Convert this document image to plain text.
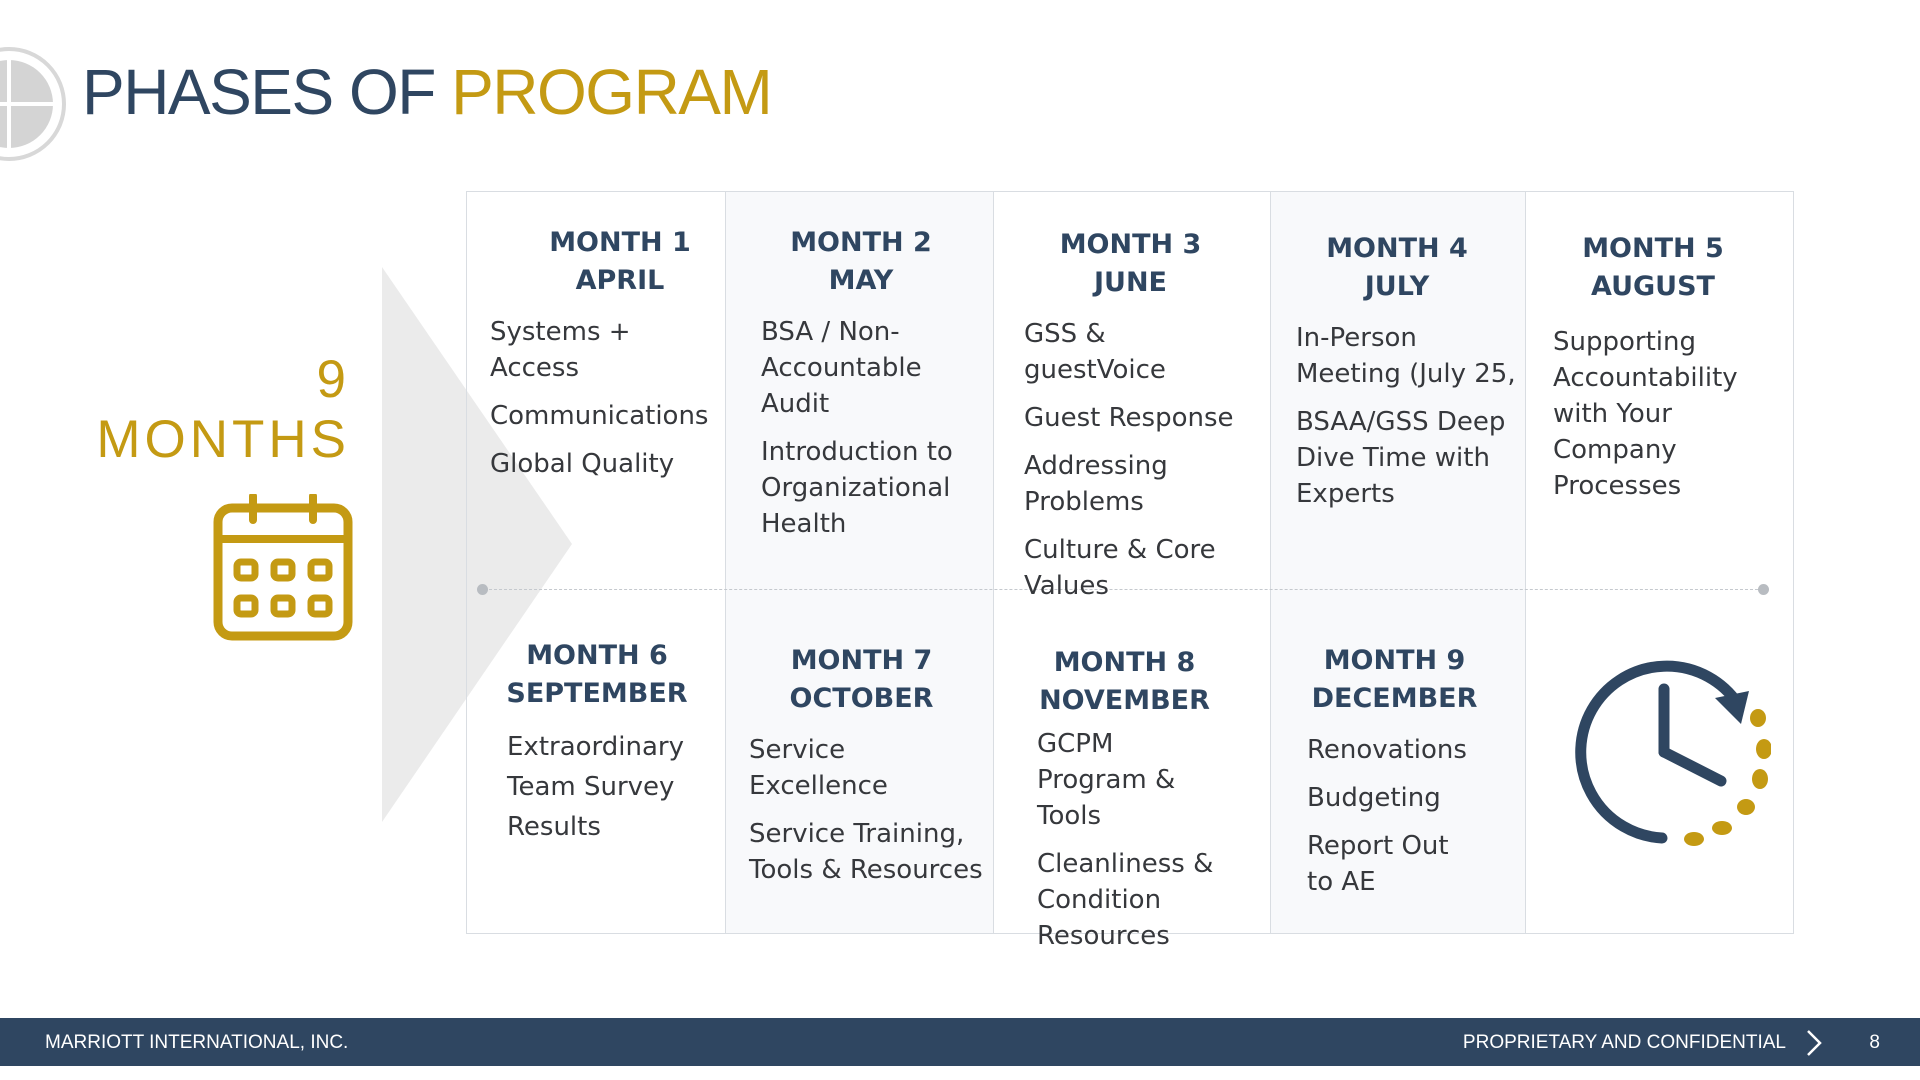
PHASES OF PROGRAM
9
MONTHS
MONTH 1
APRIL
Systems + Access
Communications
Global Quality
MONTH 2
MAY
BSA / Non-Accountable Audit
Introduction to Organizational Health
MONTH 3
JUNE
GSS & guestVoice
Guest Response
Addressing Problems
Culture & Core Values
MONTH 4
JULY
In-Person Meeting (July 25,
BSAA/GSS Deep Dive Time with Experts
MONTH 5
AUGUST
Supporting Accountability with Your Company Processes
MONTH 6
SEPTEMBER
Extraordinary Team Survey Results
MONTH 7
OCTOBER
Service Excellence
Service Training, Tools & Resources
MONTH 8
NOVEMBER
GCPM Program & Tools
Cleanliness & Condition Resources
MONTH 9
DECEMBER
Renovations
Budgeting
Report Out to AE
MARRIOTT INTERNATIONAL, INC.	PROPRIETARY AND CONFIDENTIAL	8
